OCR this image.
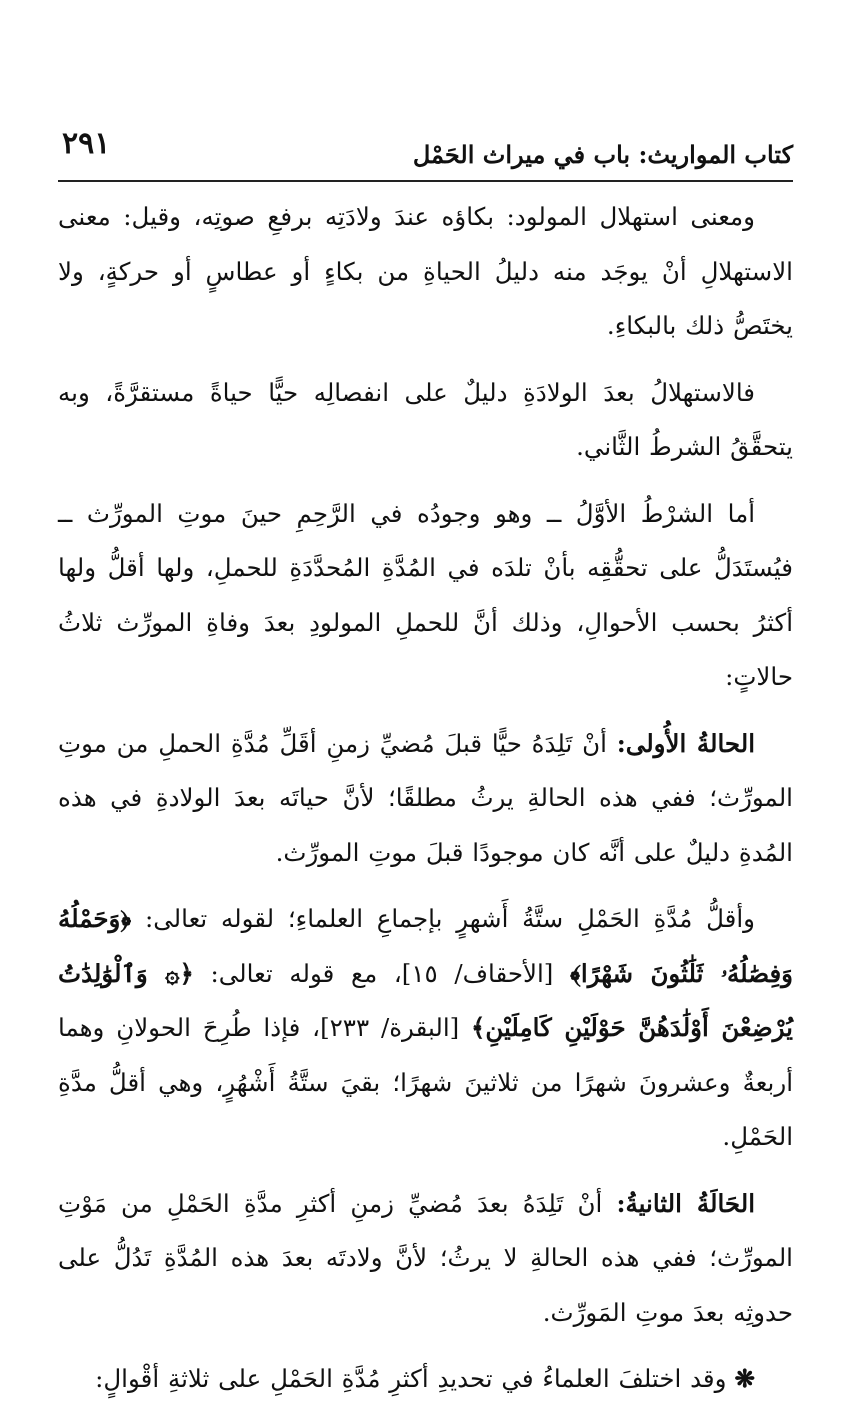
كتاب المواريث: باب في ميراث الحَمْل
٢٩١

ومعنى استهلال المولود: بكاؤه عندَ ولادَتِه برفعِ صوتِه، وقيل: معنى الاستهلالِ أنْ يوجَد منه دليلُ الحياةِ من بكاءٍ أو عطاسٍ أو حركةٍ، ولا يختَصُّ ذلك بالبكاءِ.

فالاستهلالُ بعدَ الولادَةِ دليلٌ على انفصالِه حيًّا حياةً مستقرَّةً، وبه يتحقَّقُ الشرطُ الثَّاني.

أما الشرْطُ الأوَّلُ ــ وهو وجودُه في الرَّحِمِ حينَ موتِ المورِّث ــ فيُستَدَلُّ على تحقُّقِه بأنْ تلدَه في المُدَّةِ المُحدَّدَةِ للحملِ، ولها أقلُّ ولها أكثرُ بحسب الأحوالِ، وذلك أنَّ للحملِ المولودِ بعدَ وفاةِ المورِّث ثلاثُ حالاتٍ:

الحالةُ الأُولى: أنْ تَلِدَهُ حيًّا قبلَ مُضيِّ زمنِ أقَلِّ مُدَّةِ الحملِ من موتِ المورِّث؛ ففي هذه الحالةِ يرثُ مطلقًا؛ لأنَّ حياتَه بعدَ الولادةِ في هذه المُدةِ دليلٌ على أنَّه كان موجودًا قبلَ موتِ المورِّث.

وأقلُّ مُدَّةِ الحَمْلِ ستَّةُ أَشهرٍ بإجماعِ العلماءِ؛ لقوله تعالى: ﴿وَحَمْلُهُ وَفِصَٰلُهُۥ ثَلَٰثُونَ شَهْرًا﴾ [الأحقاف/ ١٥]، مع قوله تعالى: ﴿۞ وَٱلْوَٰلِدَٰتُ يُرْضِعْنَ أَوْلَٰدَهُنَّ حَوْلَيْنِ كَامِلَيْنِ﴾ [البقرة/ ٢٣٣]، فإذا طُرِحَ الحولانِ وهما أربعةٌ وعشرونَ شهرًا من ثلاثينَ شهرًا؛ بقيَ ستَّةُ أَشْهُرٍ، وهي أقلُّ مدَّةِ الحَمْلِ.

الحَالَةُ الثانيةُ: أنْ تَلِدَهُ بعدَ مُضيِّ زمنِ أكثرِ مدَّةِ الحَمْلِ من مَوْتِ المورِّث؛ ففي هذه الحالةِ لا يرثُ؛ لأنَّ ولادتَه بعدَ هذه المُدَّةِ تَدُلُّ على حدوثِه بعدَ موتِ المَورِّث.

❋وقد اختلفَ العلماءُ في تحديدِ أكثرِ مُدَّةِ الحَمْلِ على ثلاثةِ أقْوالٍ:
